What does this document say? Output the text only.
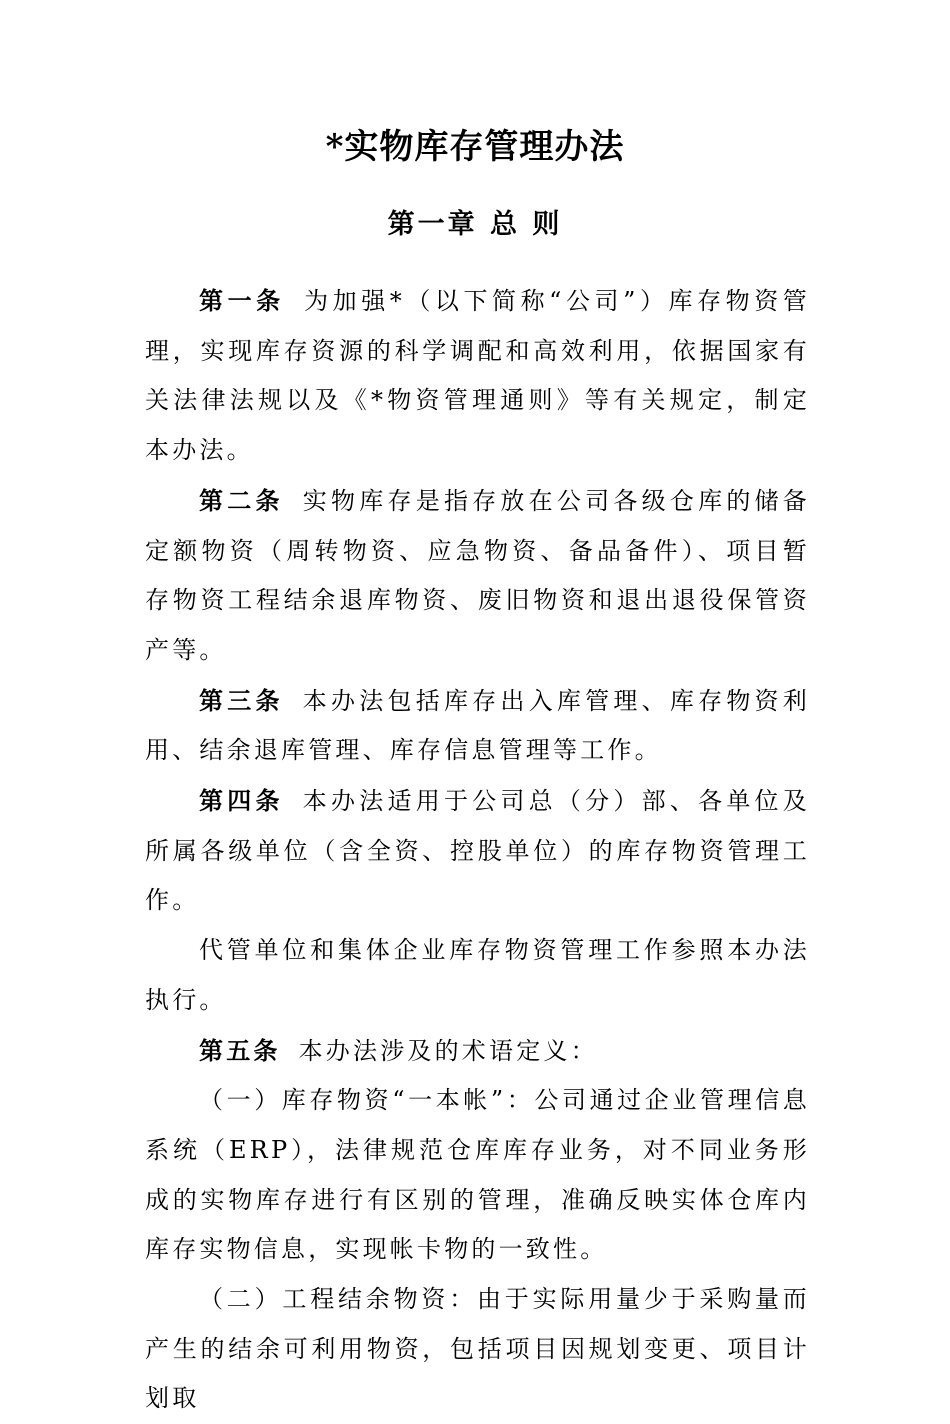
*实物库存管理办法
第一章 总 则

第一条 为加强*（以下简称“公司”）库存物资管理，实现库存资源的科学调配和高效利用，依据国家有关法律法规以及《*物资管理通则》等有关规定，制定本办法。

第二条 实物库存是指存放在公司各级仓库的储备定额物资（周转物资、应急物资、备品备件）、项目暂存物资工程结余退库物资、废旧物资和退出退役保管资产等。

第三条 本办法包括库存出入库管理、库存物资利用、结余退库管理、库存信息管理等工作。

第四条 本办法适用于公司总（分）部、各单位及所属各级单位（含全资、控股单位）的库存物资管理工作。

代管单位和集体企业库存物资管理工作参照本办法执行。

第五条 本办法涉及的术语定义：

（一）库存物资“一本帐”：公司通过企业管理信息系统（ERP），法律规范仓库库存业务，对不同业务形成的实物库存进行有区别的管理，准确反映实体仓库内库存实物信息，实现帐卡物的一致性。

（二）工程结余物资：由于实际用量少于采购量而产生的结余可利用物资，包括项目因规划变更、项目计划取
